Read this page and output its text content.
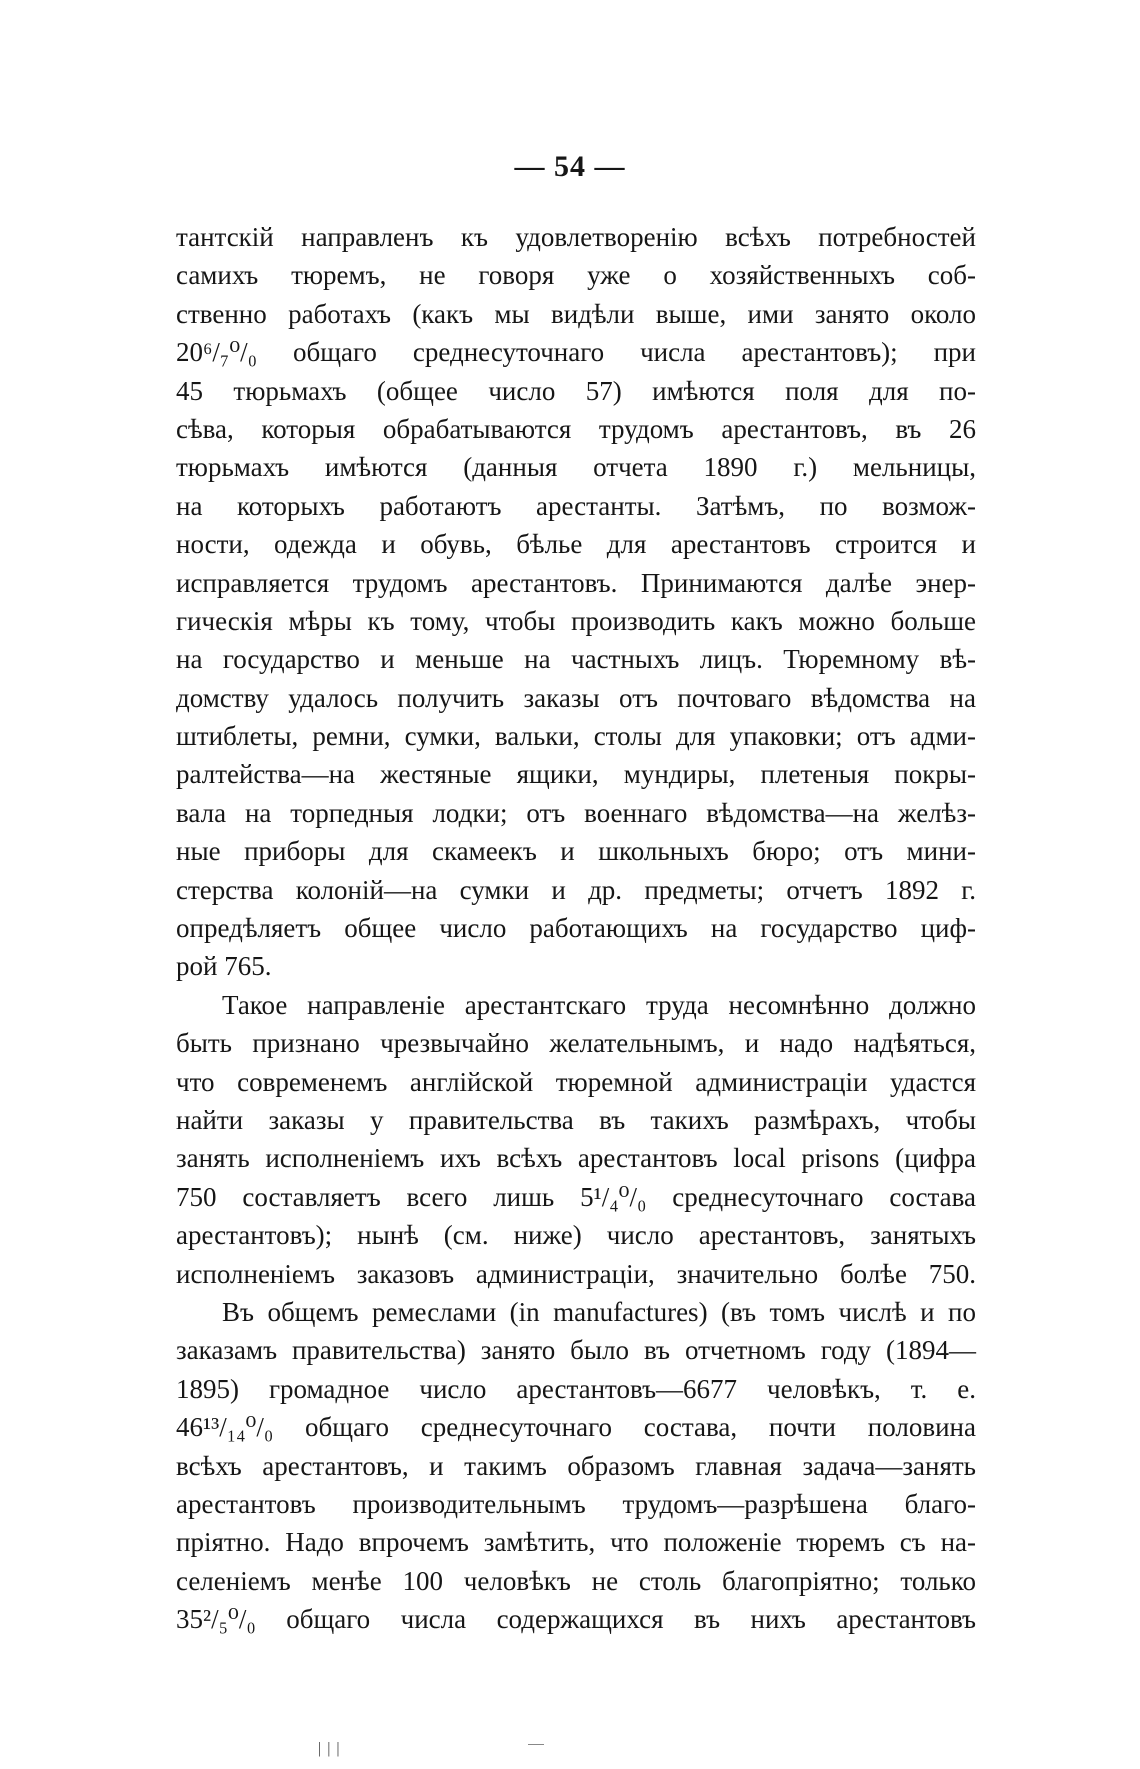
— 54 —

тантскій направленъ къ удовлетворенію всѣхъ потребностей

самихъ тюремъ, не говоря уже о хозяйственныхъ соб-

ственно работахъ (какъ мы видѣли выше, ими занято около

20⁶/₇⁰/₀ общаго среднесуточнаго числа арестантовъ); при

45 тюрьмахъ (общее число 57) имѣются поля для по-

сѣва, которыя обрабатываются трудомъ арестантовъ, въ 26

тюрьмахъ имѣются (данныя отчета 1890 г.) мельницы,

на которыхъ работаютъ арестанты. Затѣмъ, по возмож-

ности, одежда и обувь, бѣлье для арестантовъ строится и

исправляется трудомъ арестантовъ. Принимаются далѣе энер-

гическія мѣры къ тому, чтобы производить какъ можно больше

на государство и меньше на частныхъ лицъ. Тюремному вѣ-

домству удалось получить заказы отъ почтоваго вѣдомства на

штиблеты, ремни, сумки, вальки, столы для упаковки; отъ адми-

ралтейства—на жестяные ящики, мундиры, плетеныя покры-

вала на торпедныя лодки; отъ военнаго вѣдомства—на желѣз-

ные приборы для скамеекъ и школьныхъ бюро; отъ мини-

стерства колоній—на сумки и др. предметы; отчетъ 1892 г.

опредѣляетъ общее число работающихъ на государство циф-

рой 765.

Такое направленіе арестантскаго труда несомнѣнно должно

быть признано чрезвычайно желательнымъ, и надо надѣяться,

что современемъ англійской тюремной администраціи удастся

найти заказы у правительства въ такихъ размѣрахъ, чтобы

занять исполненіемъ ихъ всѣхъ арестантовъ local prisons (цифра

750 составляетъ всего лишь 5¹/₄⁰/₀ среднесуточнаго состава

арестантовъ); нынѣ (см. ниже) число арестантовъ, занятыхъ

исполненіемъ заказовъ администраціи, значительно болѣе 750.

Въ общемъ ремеслами (in manufactures) (въ томъ числѣ и по

заказамъ правительства) занято было въ отчетномъ году (1894—

1895) громадное число арестантовъ—6677 человѣкъ, т. е.

46¹³/₁₄⁰/₀ общаго среднесуточнаго состава, почти половина

всѣхъ арестантовъ, и такимъ образомъ главная задача—занять

арестантовъ производительнымъ трудомъ—разрѣшена благо-

пріятно. Надо впрочемъ замѣтить, что положеніе тюремъ съ на-

селеніемъ менѣе 100 человѣкъ не столь благопріятно; только

35²/₅⁰/₀ общаго числа содержащихся въ нихъ арестантовъ

|||
